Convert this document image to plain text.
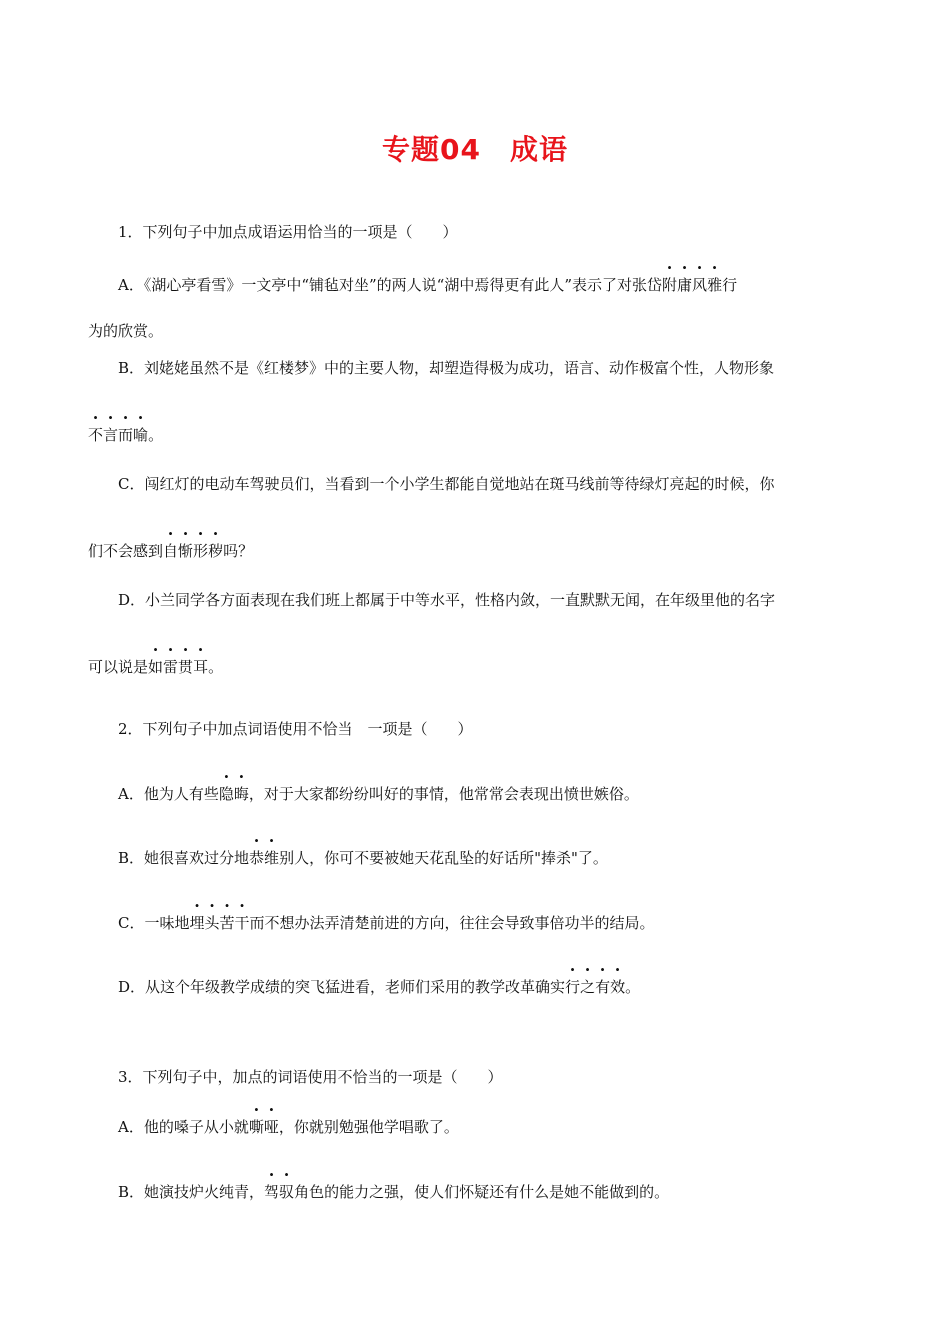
专题04　成语
1．下列句子中加点成语运用恰当的一项是（　　）
A．《湖心亭看雪》一文亭中“铺毡对坐”的两人说“湖中焉得更有此人”表示了对张岱附庸风雅行
为的欣赏。
B．刘姥姥虽然不是《红楼梦》中的主要人物，却塑造得极为成功，语言、动作极富个性，人物形象
不言而喻。
C．闯红灯的电动车驾驶员们，当看到一个小学生都能自觉地站在斑马线前等待绿灯亮起的时候，你
们不会感到自惭形秽吗？
D．小兰同学各方面表现在我们班上都属于中等水平，性格内敛，一直默默无闻，在年级里他的名字
可以说是如雷贯耳。
2．下列句子中加点词语使用不恰当　一项是（　　）
A．他为人有些隐晦，对于大家都纷纷叫好的事情，他常常会表现出愤世嫉俗。
B．她很喜欢过分地恭维别人，你可不要被她天花乱坠的好话所"捧杀"了。
C．一味地埋头苦干而不想办法弄清楚前进的方向，往往会导致事倍功半的结局。
D．从这个年级教学成绩的突飞猛进看，老师们采用的教学改革确实行之有效。
3．下列句子中，加点的词语使用不恰当的一项是（　　）
A．他的嗓子从小就嘶哑，你就别勉强他学唱歌了。
B．她演技炉火纯青，驾驭角色的能力之强，使人们怀疑还有什么是她不能做到的。
